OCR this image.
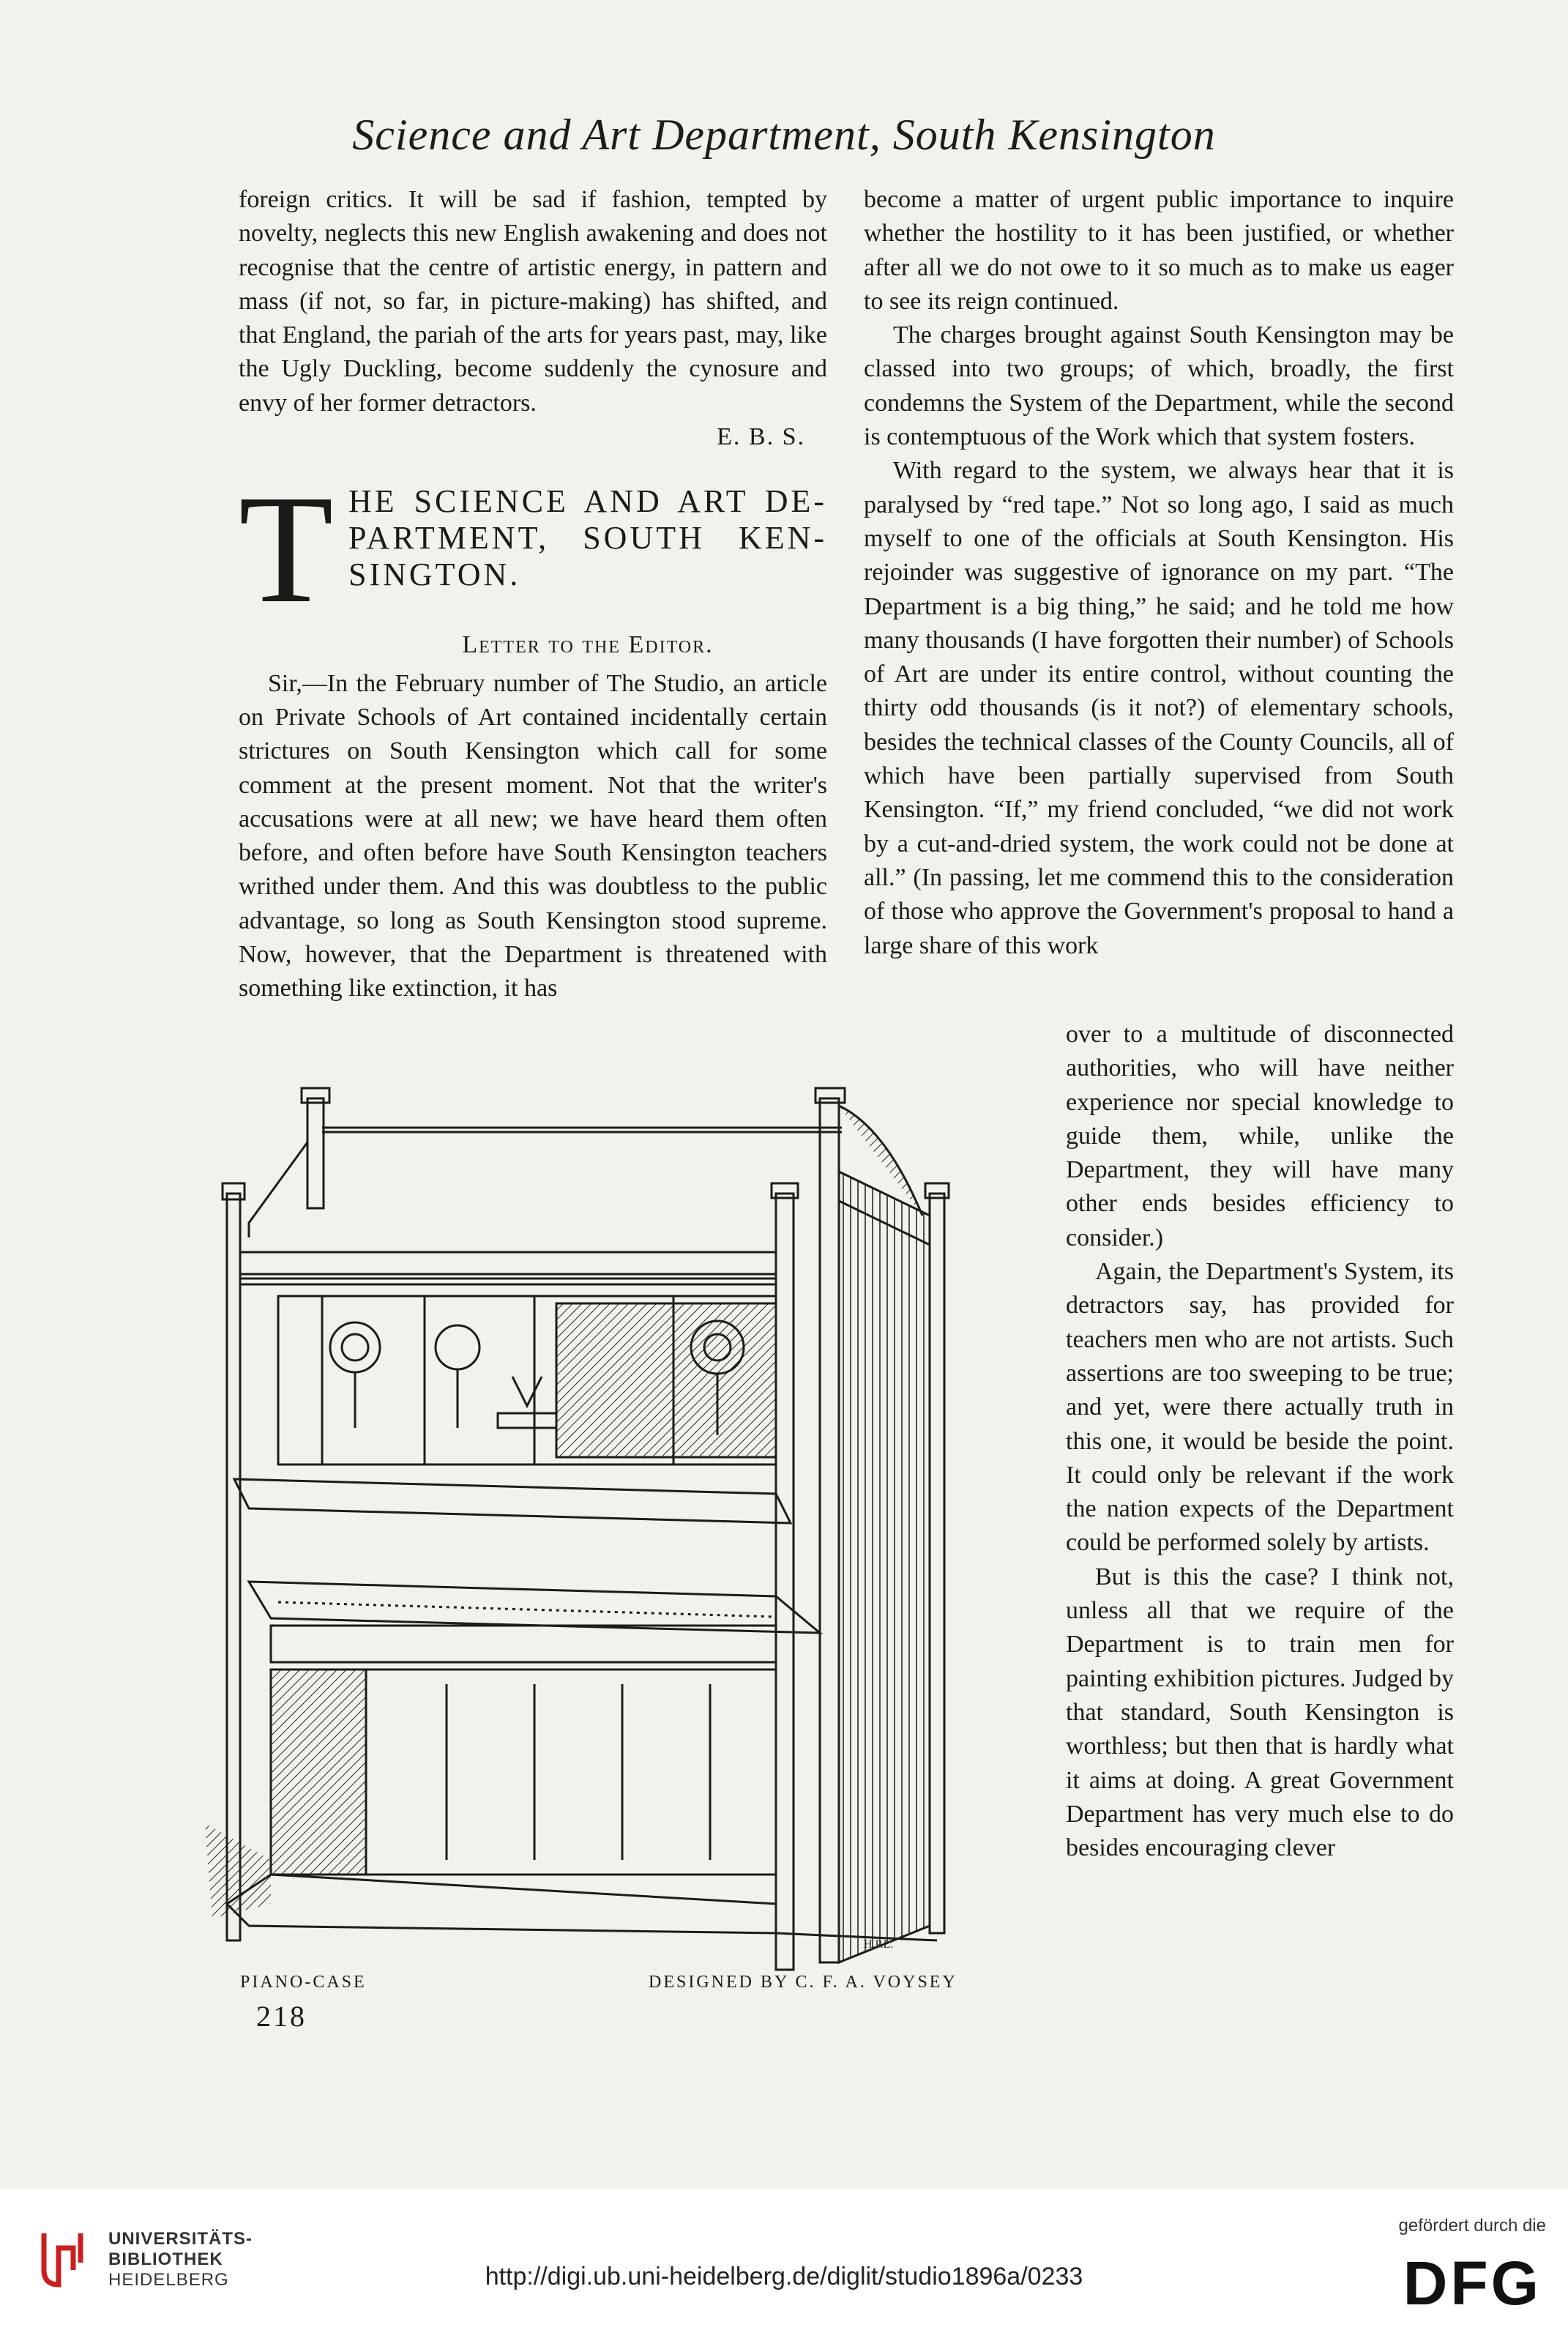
Science and Art Department, South Kensington

foreign critics. It will be sad if fashion, tempted by novelty, neglects this new English awakening and does not recognise that the centre of artistic energy, in pattern and mass (if not, so far, in picture-making) has shifted, and that England, the pariah of the arts for years past, may, like the Ugly Duckling, become suddenly the cynosure and envy of her former detractors.

E. B. S.

T HE SCIENCE AND ART DE-PARTMENT, SOUTH KEN-SINGTON.

Letter to the Editor.

Sir,—In the February number of The Studio, an article on Private Schools of Art contained incidentally certain strictures on South Kensington which call for some comment at the present moment. Not that the writer's accusations were at all new; we have heard them often before, and often before have South Kensington teachers writhed under them. And this was doubtless to the public advantage, so long as South Kensington stood supreme. Now, however, that the Department is threatened with something like extinction, it has

become a matter of urgent public importance to inquire whether the hostility to it has been justified, or whether after all we do not owe to it so much as to make us eager to see its reign continued.

The charges brought against South Kensington may be classed into two groups; of which, broadly, the first condemns the System of the Department, while the second is contemptuous of the Work which that system fosters.

With regard to the system, we always hear that it is paralysed by “red tape.” Not so long ago, I said as much myself to one of the officials at South Kensington. His rejoinder was suggestive of ignorance on my part. “The Department is a big thing,” he said; and he told me how many thousands (I have forgotten their number) of Schools of Art are under its entire control, without counting the thirty odd thousands (is it not?) of elementary schools, besides the technical classes of the County Councils, all of which have been partially supervised from South Kensington. “If,” my friend concluded, “we did not work by a cut-and-dried system, the work could not be done at all.” (In passing, let me commend this to the consideration of those who approve the Government's proposal to hand a large share of this work

over to a multitude of disconnected authorities, who will have neither experience nor special knowledge to guide them, while, unlike the Department, they will have many other ends besides efficiency to consider.)

Again, the Department's System, its detractors say, has provided for teachers men who are not artists. Such assertions are too sweeping to be true; and yet, were there actually truth in this one, it would be beside the point. It could only be relevant if the work the nation expects of the Department could be performed solely by artists.

But is this the case? I think not, unless all that we require of the Department is to train men for painting exhibition pictures. Judged by that standard, South Kensington is worthless; but then that is hardly what it aims at doing. A great Government Department has very much else to do besides encouraging clever

H.P.L.
PIANO-CASE	DESIGNED BY C. F. A. VOYSEY
218
UNIVERSITÄTS-
BIBLIOTHEK
HEIDELBERG	http://digi.ub.uni-heidelberg.de/diglit/studio1896a/0233
gefördert durch die
DFG
